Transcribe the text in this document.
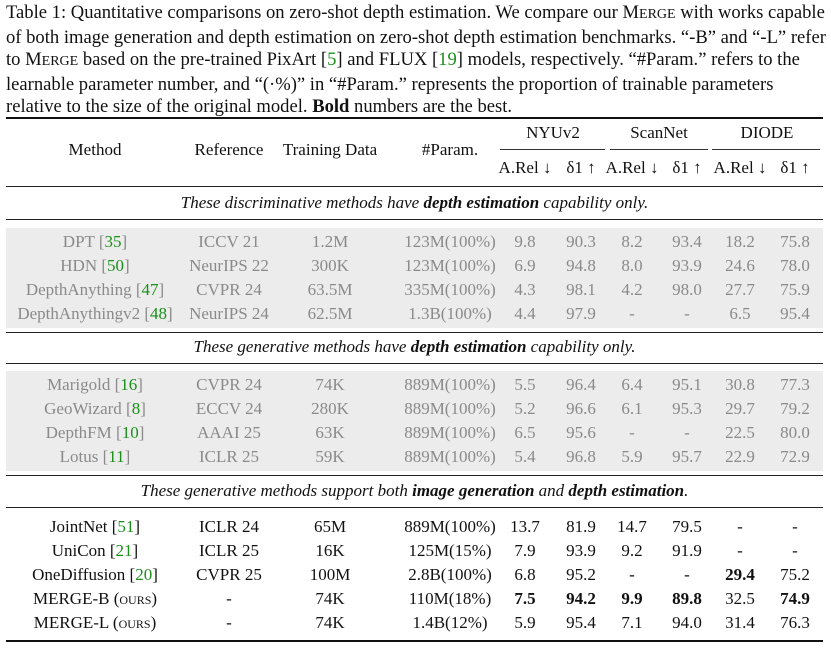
Table 1: Quantitative comparisons on zero-shot depth estimation. We compare our MERGE with works capable of both image generation and depth estimation on zero-shot depth estimation benchmarks. “-B” and “-L” refer to MERGE based on the pre-trained PixArt [5] and FLUX [19] models, respectively. “#Param.” refers to the learnable parameter number, and “(·%)” in “#Param.” represents the proportion of trainable parameters relative to the size of the original model. Bold numbers are the best.
Method	Reference Training Data	#Param.
NYUv2	ScanNet	DIODE
A.Rel ↓ δ1 ↑ A.Rel ↓ δ1 ↑ A.Rel ↓ δ1 ↑
These discriminative methods have depth estimation capability only.
DPT [35]	ICCV 21	1.2M	123M(100%) 9.8 90.3 8.2 93.4 18.2 75.8
HDN [50]	NeurIPS 22 300K	123M(100%) 6.9 94.8 8.0 93.9 24.6 78.0
DepthAnything [47] CVPR 24	63.5M	335M(100%) 4.3 98.1 4.2 98.0 27.7 75.9
DepthAnythingv2 [48] NeurIPS 24 62.5M	1.3B(100%) 4.4 97.9 -	- 6.5 95.4
These generative methods have depth estimation capability only.
Marigold [16]	CVPR 24	74K	889M(100%) 5.5 96.4 6.4 95.1 30.8 77.3
GeoWizard [8]	ECCV 24	280K	889M(100%) 5.2 96.6 6.1 95.3 29.7 79.2
DepthFM [10]	AAAI 25	63K	889M(100%) 6.5 95.6 -	- 22.5 80.0
Lotus [11]	ICLR 25	59K	889M(100%) 5.4 96.8 5.9 95.7 22.9 72.9
These generative methods support both image generation and depth estimation.
JointNet [51]	ICLR 24	65M	889M(100%) 13.7 81.9 14.7 79.5 -	-
UniCon [21]	ICLR 25	16K	125M(15%) 7.9 93.9 9.2 91.9 -	-
OneDiffusion [20] CVPR 25	100M	2.8B(100%) 6.8 95.2 -	- 29.4 75.2
MERGE-B (ours)	-	74K	110M(18%) 7.5 94.2 9.9 89.8 32.5 74.9
MERGE-L (ours)	-	74K	1.4B(12%) 5.9 95.4 7.1 94.0 31.4 76.3
